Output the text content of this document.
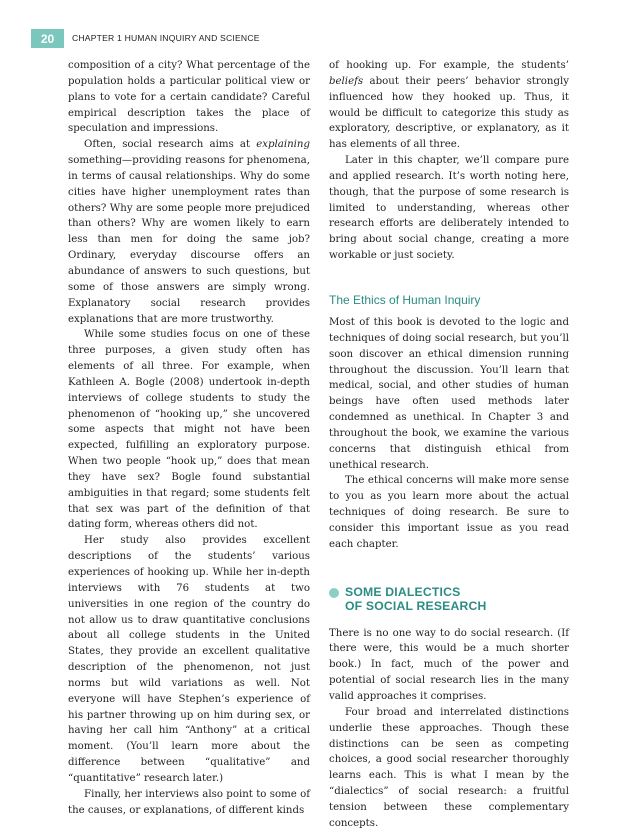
20	CHAPTER 1 HUMAN INQUIRY AND SCIENCE

composition of a city? What percentage of the population holds a particular political view or plans to vote for a certain candidate? Careful empirical description takes the place of speculation and impressions.

Often, social research aims at explaining something—providing reasons for phenomena, in terms of causal relationships. Why do some cities have higher unemployment rates than others? Why are some people more prejudiced than others? Why are women likely to earn less than men for doing the same job? Ordinary, everyday discourse offers an abundance of answers to such questions, but some of those answers are simply wrong. Explanatory social research provides explanations that are more trustworthy.

While some studies focus on one of these three purposes, a given study often has elements of all three. For example, when Kathleen A. Bogle (2008) undertook in-depth interviews of college students to study the phenomenon of “hooking up,” she uncovered some aspects that might not have been expected, fulfilling an exploratory purpose. When two people “hook up,” does that mean they have sex? Bogle found substantial ambiguities in that regard; some students felt that sex was part of the definition of that dating form, whereas others did not.

Her study also provides excellent descriptions of the students’ various experiences of hooking up. While her in-depth interviews with 76 students at two universities in one region of the country do not allow us to draw quantitative conclusions about all college students in the United States, they provide an excellent qualitative description of the phenomenon, not just norms but wild variations as well. Not everyone will have Stephen’s experience of his partner throwing up on him during sex, or having her call him “Anthony” at a critical moment. (You’ll learn more about the difference between “qualitative” and “quantitative” research later.)

Finally, her interviews also point to some of the causes, or explanations, of different kinds

of hooking up. For example, the students’ beliefs about their peers’ behavior strongly influenced how they hooked up. Thus, it would be difficult to categorize this study as exploratory, descriptive, or explanatory, as it has elements of all three.

Later in this chapter, we’ll compare pure and applied research. It’s worth noting here, though, that the purpose of some research is limited to understanding, whereas other research efforts are deliberately intended to bring about social change, creating a more workable or just society.

The Ethics of Human Inquiry

Most of this book is devoted to the logic and techniques of doing social research, but you’ll soon discover an ethical dimension running throughout the discussion. You’ll learn that medical, social, and other studies of human beings have often used methods later condemned as unethical. In Chapter 3 and throughout the book, we examine the various concerns that distinguish ethical from unethical research.

The ethical concerns will make more sense to you as you learn more about the actual techniques of doing research. Be sure to consider this important issue as you read each chapter.

SOME DIALECTICS
OF SOCIAL RESEARCH

There is no one way to do social research. (If there were, this would be a much shorter book.) In fact, much of the power and potential of social research lies in the many valid approaches it comprises.

Four broad and interrelated distinctions underlie these approaches. Though these distinctions can be seen as competing choices, a good social researcher thoroughly learns each. This is what I mean by the “dialectics” of social research: a fruitful tension between these complementary concepts.
